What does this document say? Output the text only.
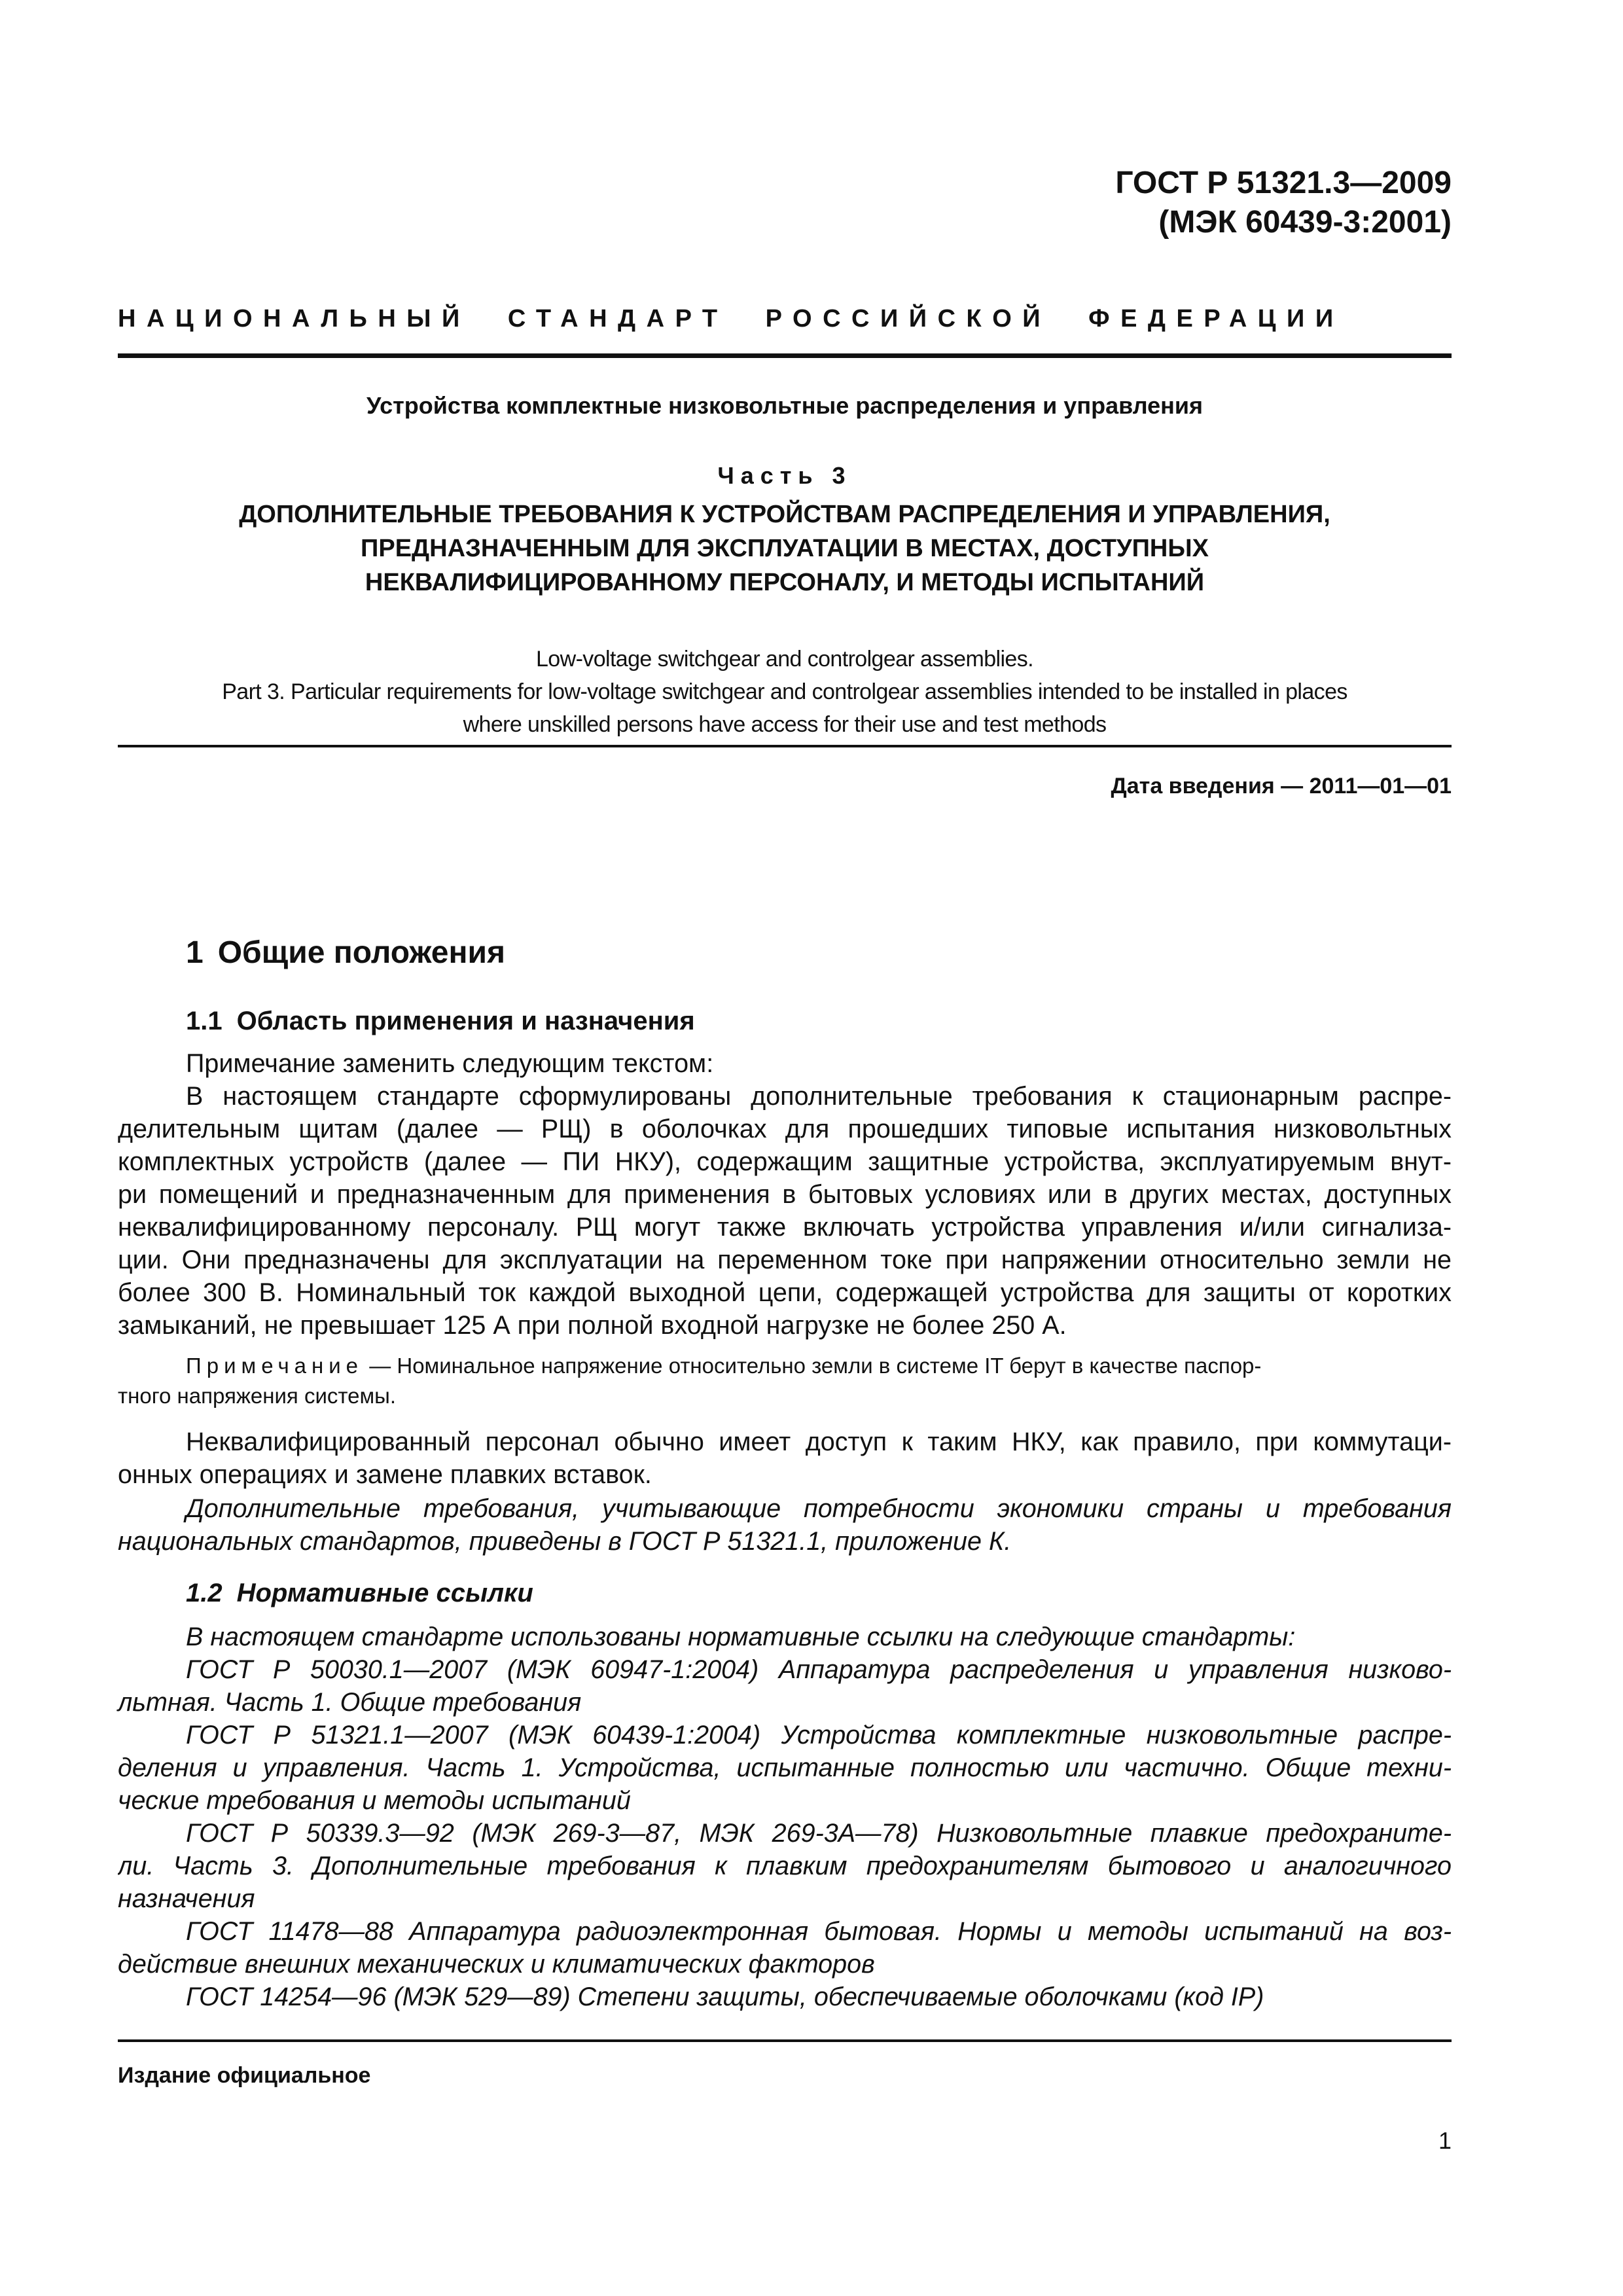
ГОСТ Р 51321.3—2009
(МЭК 60439-3:2001)
НАЦИОНАЛЬНЫЙ СТАНДАРТ РОССИЙСКОЙ ФЕДЕРАЦИИ
Устройства комплектные низковольтные распределения и управления
Часть 3
ДОПОЛНИТЕЛЬНЫЕ ТРЕБОВАНИЯ К УСТРОЙСТВАМ РАСПРЕДЕЛЕНИЯ И УПРАВЛЕНИЯ,
ПРЕДНАЗНАЧЕННЫМ ДЛЯ ЭКСПЛУАТАЦИИ В МЕСТАХ, ДОСТУПНЫХ
НЕКВАЛИФИЦИРОВАННОМУ ПЕРСОНАЛУ, И МЕТОДЫ ИСПЫТАНИЙ
Low-voltage switchgear and controlgear assemblies.
Part 3. Particular requirements for low-voltage switchgear and controlgear assemblies intended to be installed in places
where unskilled persons have access for their use and test methods
Дата введения — 2011—01—01
1 Общие положения
1.1 Область применения и назначения
Примечание заменить следующим текстом:
В настоящем стандарте сформулированы дополнительные требования к стационарным распре-
делительным щитам (далее — РЩ) в оболочках для прошедших типовые испытания низковольтных
комплектных устройств (далее — ПИ НКУ), содержащим защитные устройства, эксплуатируемым внут-
ри помещений и предназначенным для применения в бытовых условиях или в других местах, доступных
неквалифицированному персоналу. РЩ могут также включать устройства управления и/или сигнализа-
ции. Они предназначены для эксплуатации на переменном токе при напряжении относительно земли не
более 300 В. Номинальный ток каждой выходной цепи, содержащей устройства для защиты от коротких
замыканий, не превышает 125 А при полной входной нагрузке не более 250 А.
Примечание — Номинальное напряжение относительно земли в системе IT берут в качестве паспор-
тного напряжения системы.
Неквалифицированный персонал обычно имеет доступ к таким НКУ, как правило, при коммутаци-
онных операциях и замене плавких вставок.
Дополнительные требования, учитывающие потребности экономики страны и требования
национальных стандартов, приведены в ГОСТ Р 51321.1, приложение К.
1.2 Нормативные ссылки
В настоящем стандарте использованы нормативные ссылки на следующие стандарты:
ГОСТ Р 50030.1—2007 (МЭК 60947-1:2004) Аппаратура распределения и управления низково-
льтная. Часть 1. Общие требования
ГОСТ Р 51321.1—2007 (МЭК 60439-1:2004) Устройства комплектные низковольтные распре-
деления и управления. Часть 1. Устройства, испытанные полностью или частично. Общие техни-
ческие требования и методы испытаний
ГОСТ Р 50339.3—92 (МЭК 269-3—87, МЭК 269-3А—78) Низковольтные плавкие предохраните-
ли. Часть 3. Дополнительные требования к плавким предохранителям бытового и аналогичного
назначения
ГОСТ 11478—88 Аппаратура радиоэлектронная бытовая. Нормы и методы испытаний на воз-
действие внешних механических и климатических факторов
ГОСТ 14254—96 (МЭК 529—89) Степени защиты, обеспечиваемые оболочками (код IP)
Издание официальное
1
